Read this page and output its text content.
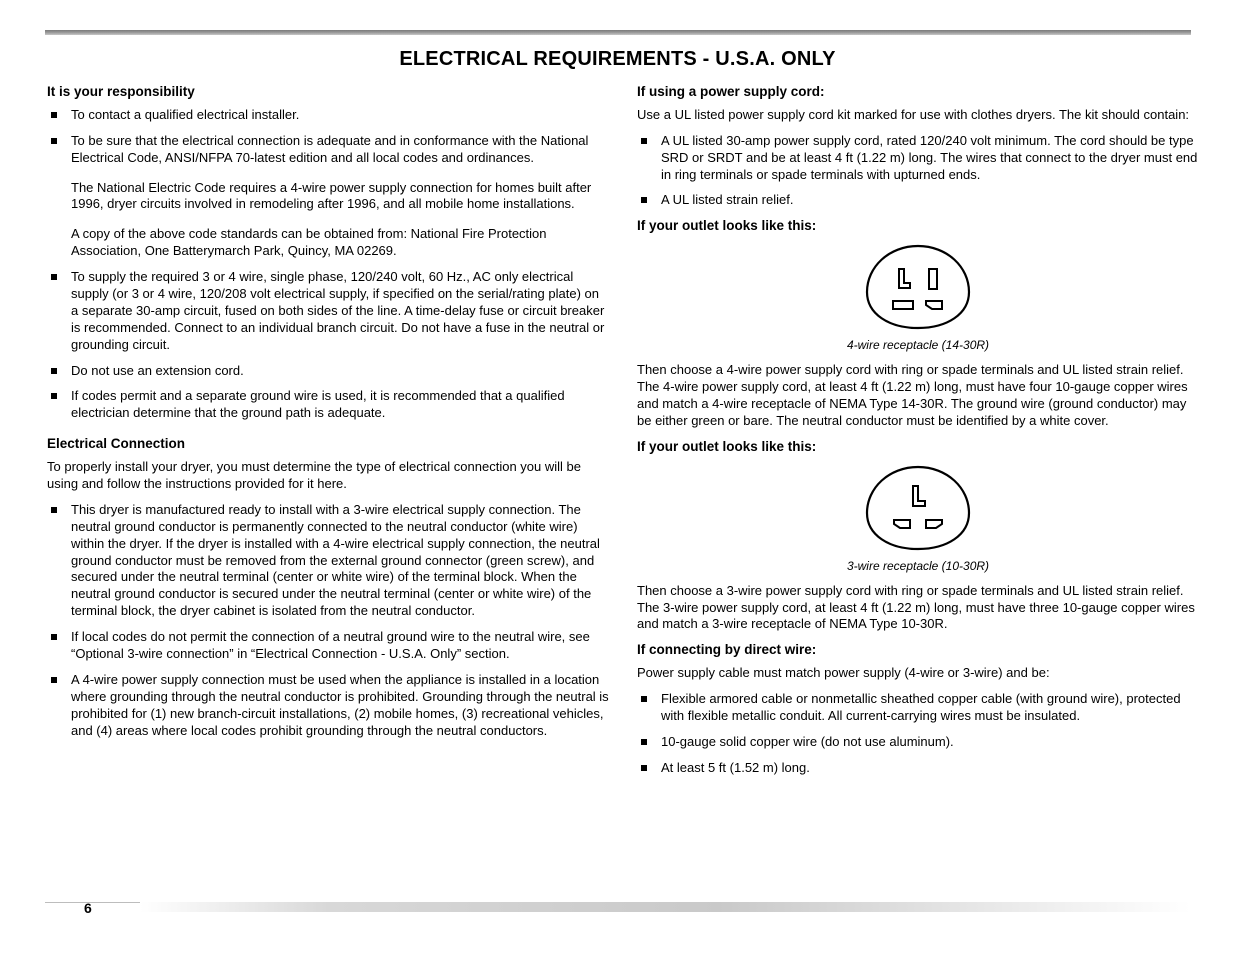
ELECTRICAL REQUIREMENTS - U.S.A. ONLY
It is your responsibility
To contact a qualified electrical installer.
To be sure that the electrical connection is adequate and in conformance with the National Electrical Code, ANSI/NFPA 70-latest edition and all local codes and ordinances.

The National Electric Code requires a 4-wire power supply connection for homes built after 1996, dryer circuits involved in remodeling after 1996, and all mobile home installations.

A copy of the above code standards can be obtained from: National Fire Protection Association, One Batterymarch Park, Quincy, MA 02269.

To supply the required 3 or 4 wire, single phase, 120/240 volt, 60 Hz., AC only electrical supply (or 3 or 4 wire, 120/208 volt electrical supply, if specified on the serial/rating plate) on a separate 30-amp circuit, fused on both sides of the line. A time-delay fuse or circuit breaker is recommended. Connect to an individual branch circuit. Do not have a fuse in the neutral or grounding circuit.
Do not use an extension cord.
If codes permit and a separate ground wire is used, it is recommended that a qualified electrician determine that the ground path is adequate.
Electrical Connection

To properly install your dryer, you must determine the type of electrical connection you will be using and follow the instructions provided for it here.

This dryer is manufactured ready to install with a 3-wire electrical supply connection. The neutral ground conductor is permanently connected to the neutral conductor (white wire) within the dryer. If the dryer is installed with a 4-wire electrical supply connection, the neutral ground conductor must be removed from the external ground connector (green screw), and secured under the neutral terminal (center or white wire) of the terminal block. When the neutral ground conductor is secured under the neutral terminal (center or white wire) of the terminal block, the dryer cabinet is isolated from the neutral conductor.
If local codes do not permit the connection of a neutral ground wire to the neutral wire, see “Optional 3-wire connection” in “Electrical Connection - U.S.A. Only” section.
A 4-wire power supply connection must be used when the appliance is installed in a location where grounding through the neutral conductor is prohibited. Grounding through the neutral is prohibited for (1) new branch-circuit installations, (2) mobile homes, (3) recreational vehicles, and (4) areas where local codes prohibit grounding through the neutral conductors.
If using a power supply cord:

Use a UL listed power supply cord kit marked for use with clothes dryers. The kit should contain:

A UL listed 30-amp power supply cord, rated 120/240 volt minimum. The cord should be type SRD or SRDT and be at least 4 ft (1.22 m) long. The wires that connect to the dryer must end in ring terminals or spade terminals with upturned ends.
A UL listed strain relief.
If your outlet looks like this:
4-wire receptacle (14-30R)

Then choose a 4-wire power supply cord with ring or spade terminals and UL listed strain relief. The 4-wire power supply cord, at least 4 ft (1.22 m) long, must have four 10-gauge copper wires and match a 4-wire receptacle of NEMA Type 14-30R. The ground wire (ground conductor) may be either green or bare. The neutral conductor must be identified by a white cover.

If your outlet looks like this:
3-wire receptacle (10-30R)

Then choose a 3-wire power supply cord with ring or spade terminals and UL listed strain relief. The 3-wire power supply cord, at least 4 ft (1.22 m) long, must have three 10-gauge copper wires and match a 3-wire receptacle of NEMA Type 10-30R.

If connecting by direct wire:

Power supply cable must match power supply (4-wire or 3-wire) and be:

Flexible armored cable or nonmetallic sheathed copper cable (with ground wire), protected with flexible metallic conduit. All current-carrying wires must be insulated.
10-gauge solid copper wire (do not use aluminum).
At least 5 ft (1.52 m) long.
6
